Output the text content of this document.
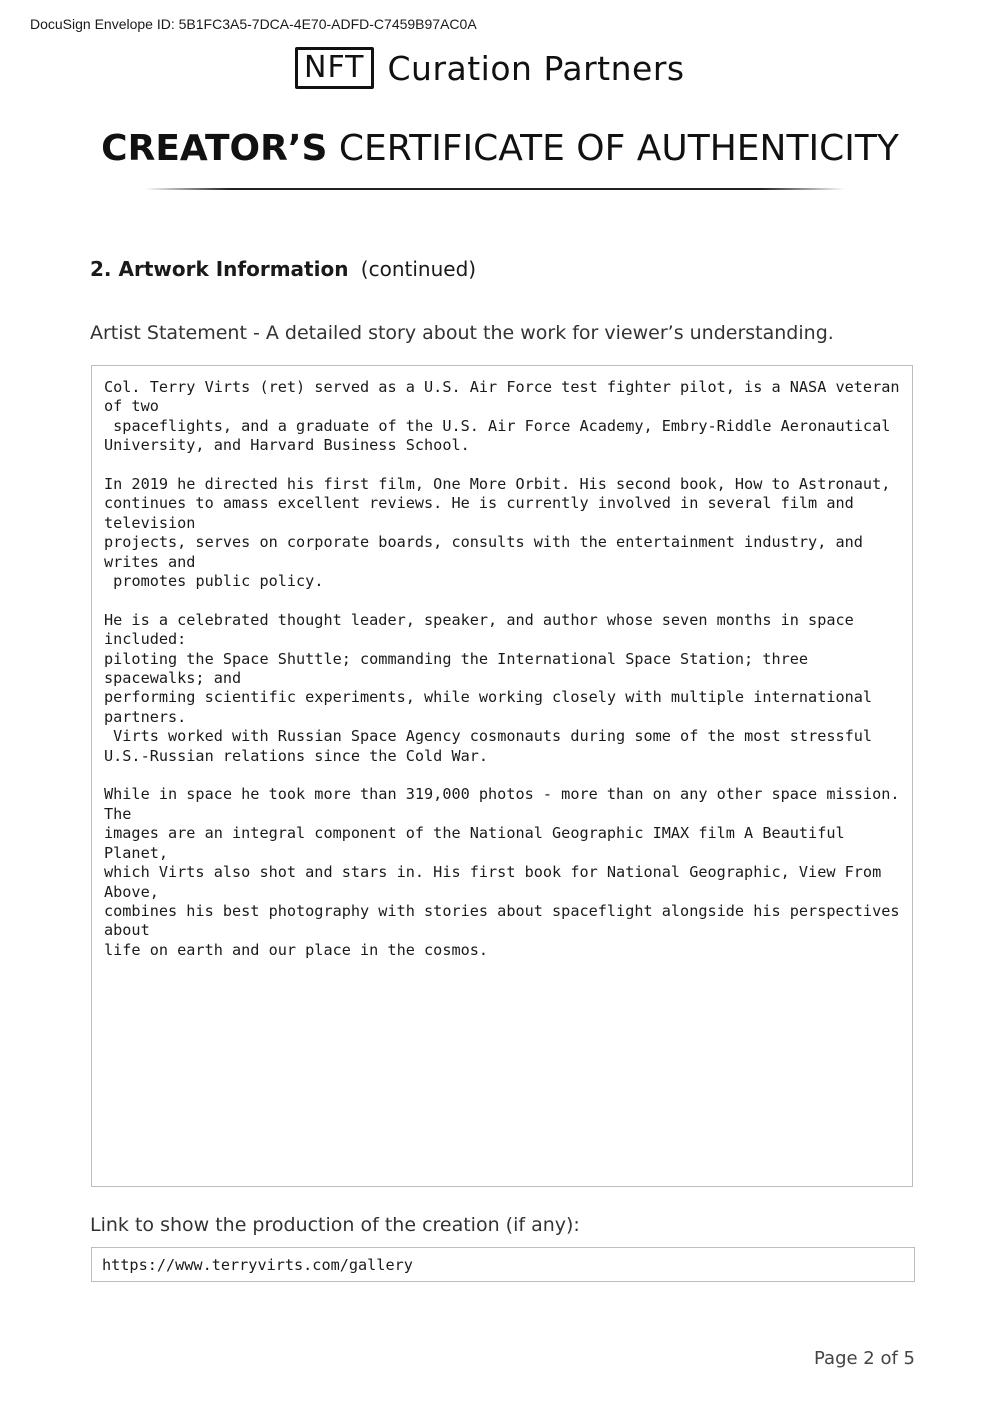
DocuSign Envelope ID: 5B1FC3A5-7DCA-4E70-ADFD-C7459B97AC0A
NFT Curation Partners
CREATOR’S CERTIFICATE OF AUTHENTICITY
2. Artwork Information (continued)
Artist Statement - A detailed story about the work for viewer’s understanding.

Col. Terry Virts (ret) served as a U.S. Air Force test fighter pilot, is a NASA veteran of two
spaceflights, and a graduate of the U.S. Air Force Academy, Embry-Riddle Aeronautical
University, and Harvard Business School.

In 2019 he directed his first film, One More Orbit. His second book, How to Astronaut,
continues to amass excellent reviews. He is currently involved in several film and television
projects, serves on corporate boards, consults with the entertainment industry, and writes and
promotes public policy.

He is a celebrated thought leader, speaker, and author whose seven months in space included:
piloting the Space Shuttle; commanding the International Space Station; three spacewalks; and
performing scientific experiments, while working closely with multiple international partners.
Virts worked with Russian Space Agency cosmonauts during some of the most stressful
U.S.-Russian relations since the Cold War.

While in space he took more than 319,000 photos - more than on any other space mission. The
images are an integral component of the National Geographic IMAX film A Beautiful Planet,
which Virts also shot and stars in. His first book for National Geographic, View From Above,
combines his best photography with stories about spaceflight alongside his perspectives about
life on earth and our place in the cosmos.

Link to show the production of the creation (if any):
https://www.terryvirts.com/gallery
Page 2 of 5
